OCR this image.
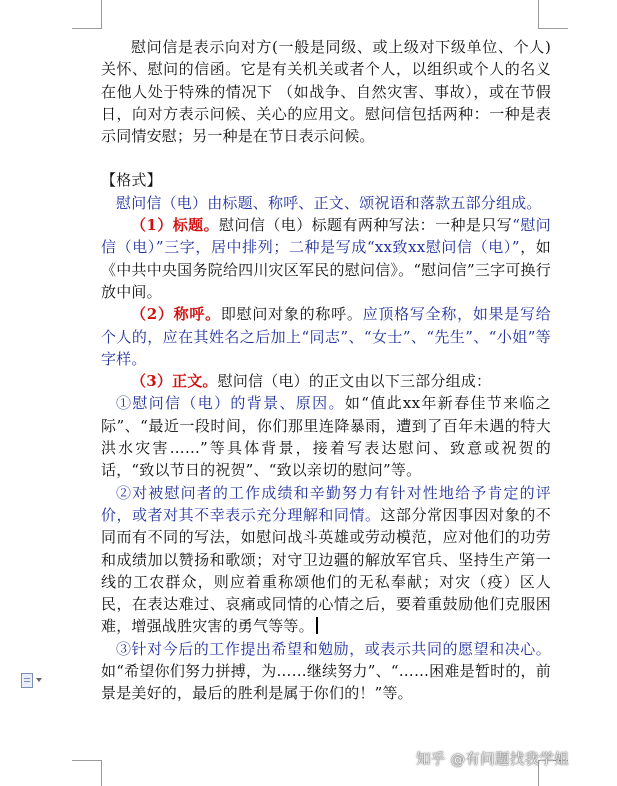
慰问信是表示向对方(一般是同级、或上级对下级单位、个人)关怀、慰问的信函。它是有关机关或者个人，以组织或个人的名义在他人处于特殊的情况下 （如战争、自然灾害、事故），或在节假日，向对方表示问候、关心的应用文。慰问信包括两种：一种是表示同情安慰；另一种是在节日表示问候。

【格式】

慰问信（电）由标题、称呼、正文、颂祝语和落款五部分组成。

（1）标题。慰问信（电）标题有两种写法：一种是只写“慰问信（电）”三字，居中排列；二种是写成“xx致xx慰问信（电）”，如《中共中央国务院给四川灾区军民的慰问信》。“慰问信”三字可换行放中间。

（2）称呼。即慰问对象的称呼。应顶格写全称，如果是写给个人的，应在其姓名之后加上“同志”、“女士”、“先生”、“小姐”等字样。

（3）正文。慰问信（电）的正文由以下三部分组成：

①慰问信（电）的背景、原因。如“值此xx年新春佳节来临之际”、“最近一段时间，你们那里连降暴雨，遭到了百年未遇的特大洪水灾害……”等具体背景，接着写表达慰问、致意或祝贺的话，“致以节日的祝贺”、“致以亲切的慰问”等。

②对被慰问者的工作成绩和辛勤努力有针对性地给予肯定的评价，或者对其不幸表示充分理解和同情。这部分常因事因对象的不同而有不同的写法，如慰问战斗英雄或劳动模范，应对他们的功劳和成绩加以赞扬和歌颂；对守卫边疆的解放军官兵、坚持生产第一线的工农群众，则应着重称颂他们的无私奉献；对灾（疫）区人民，在表达难过、哀痛或同情的心情之后，要着重鼓励他们克服困难，增强战胜灾害的勇气等等。

③针对今后的工作提出希望和勉励，或表示共同的愿望和决心。如“希望你们努力拼搏，为……继续努力”、“……困难是暂时的，前景是美好的，最后的胜利是属于你们的！”等。

知乎 @有问题找我学姐
